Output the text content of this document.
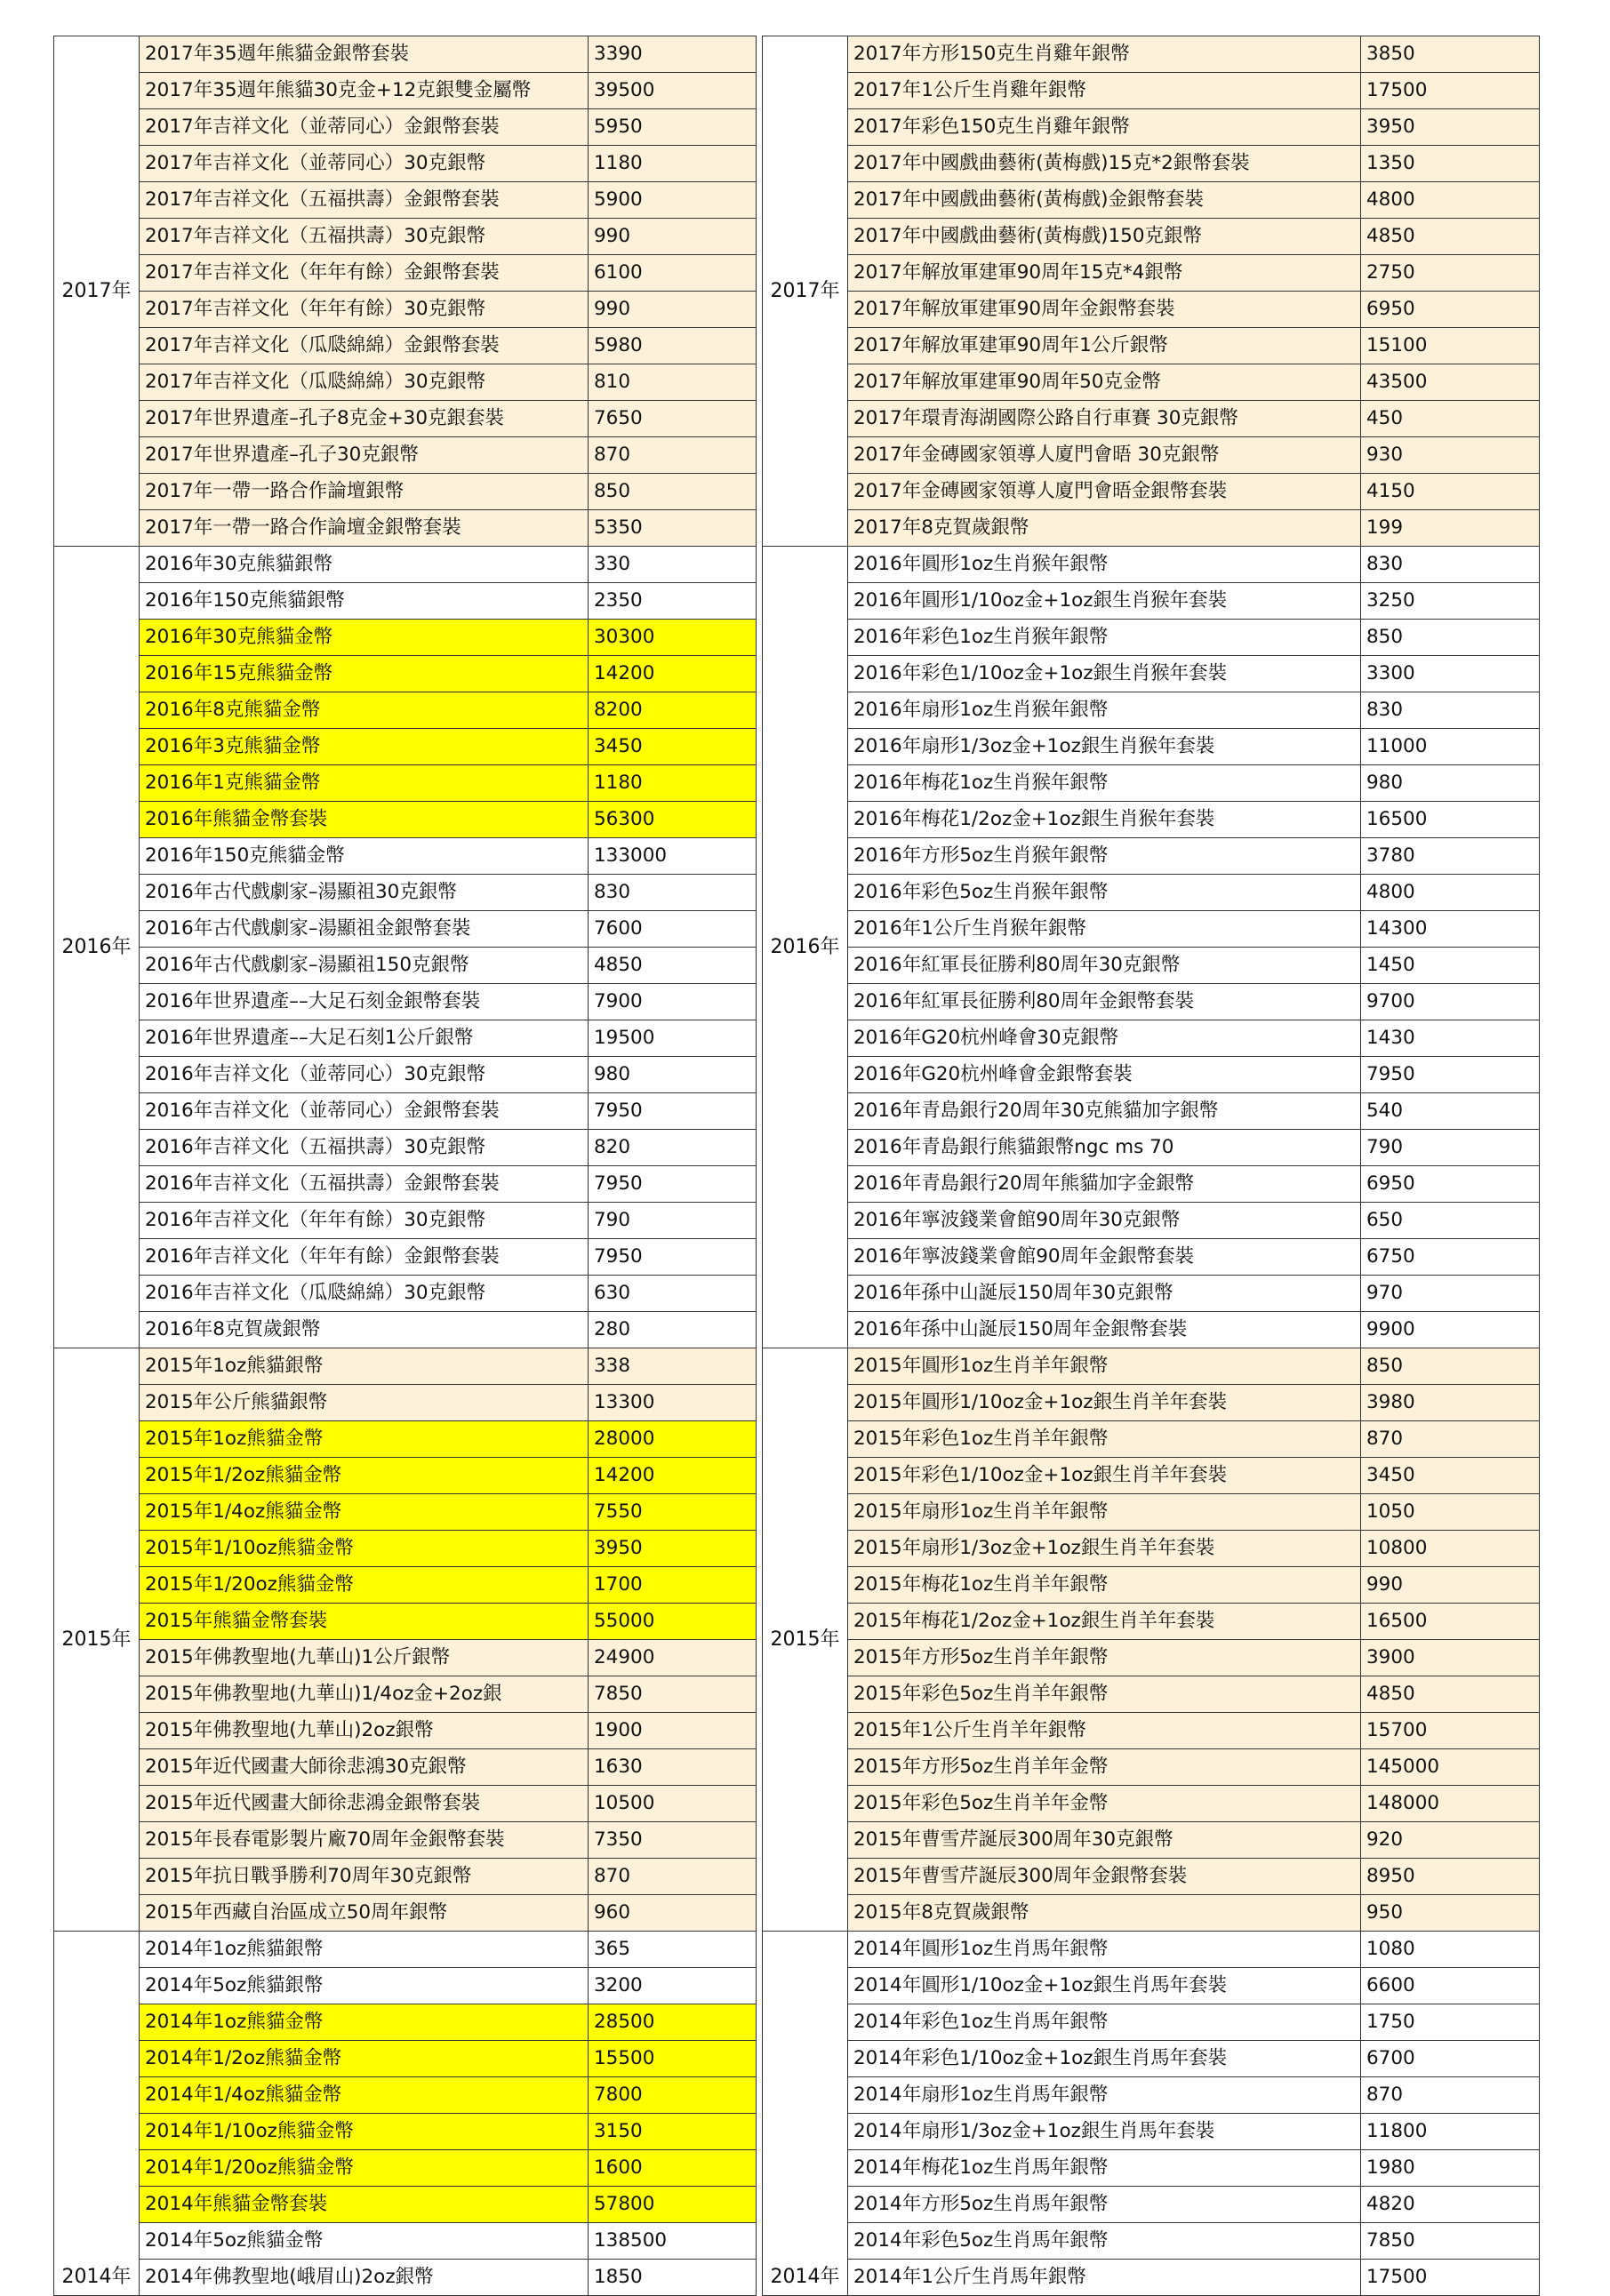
2017年	2017年35週年熊貓金銀幣套裝	3390
	2017年35週年熊貓30克金+12克銀雙金屬幣	39500
	2017年吉祥文化（並蒂同心）金銀幣套裝	5950
	2017年吉祥文化（並蒂同心）30克銀幣	1180
	2017年吉祥文化（五福拱壽）金銀幣套裝	5900
	2017年吉祥文化（五福拱壽）30克銀幣	990
	2017年吉祥文化（年年有餘）金銀幣套裝	6100
	2017年吉祥文化（年年有餘）30克銀幣	990
	2017年吉祥文化（瓜瓞綿綿）金銀幣套裝	5980
	2017年吉祥文化（瓜瓞綿綿）30克銀幣	810
	2017年世界遺產–孔子8克金+30克銀套裝	7650
	2017年世界遺產–孔子30克銀幣	870
	2017年一帶一路合作論壇銀幣	850
	2017年一帶一路合作論壇金銀幣套裝	5350
2016年	2016年30克熊貓銀幣	330
	2016年150克熊貓銀幣	2350
	2016年30克熊貓金幣	30300
	2016年15克熊貓金幣	14200
	2016年8克熊貓金幣	8200
	2016年3克熊貓金幣	3450
	2016年1克熊貓金幣	1180
	2016年熊貓金幣套裝	56300
	2016年150克熊貓金幣	133000
	2016年古代戲劇家–湯顯祖30克銀幣	830
	2016年古代戲劇家–湯顯祖金銀幣套裝	7600
	2016年古代戲劇家–湯顯祖150克銀幣	4850
	2016年世界遺產––大足石刻金銀幣套裝	7900
	2016年世界遺產––大足石刻1公斤銀幣	19500
	2016年吉祥文化（並蒂同心）30克銀幣	980
	2016年吉祥文化（並蒂同心）金銀幣套裝	7950
	2016年吉祥文化（五福拱壽）30克銀幣	820
	2016年吉祥文化（五福拱壽）金銀幣套裝	7950
	2016年吉祥文化（年年有餘）30克銀幣	790
	2016年吉祥文化（年年有餘）金銀幣套裝	7950
	2016年吉祥文化（瓜瓞綿綿）30克銀幣	630
	2016年8克賀歲銀幣	280
2015年	2015年1oz熊貓銀幣	338
	2015年公斤熊貓銀幣	13300
	2015年1oz熊貓金幣	28000
	2015年1/2oz熊貓金幣	14200
	2015年1/4oz熊貓金幣	7550
	2015年1/10oz熊貓金幣	3950
	2015年1/20oz熊貓金幣	1700
	2015年熊貓金幣套裝	55000
	2015年佛教聖地(九華山)1公斤銀幣	24900
	2015年佛教聖地(九華山)1/4oz金+2oz銀	7850
	2015年佛教聖地(九華山)2oz銀幣	1900
	2015年近代國畫大師徐悲鴻30克銀幣	1630
	2015年近代國畫大師徐悲鴻金銀幣套裝	10500
	2015年長春電影製片廠70周年金銀幣套裝	7350
	2015年抗日戰爭勝利70周年30克銀幣	870
	2015年西藏自治區成立50周年銀幣	960
2014年	2014年1oz熊貓銀幣	365
	2014年5oz熊貓銀幣	3200
	2014年1oz熊貓金幣	28500
	2014年1/2oz熊貓金幣	15500
	2014年1/4oz熊貓金幣	7800
	2014年1/10oz熊貓金幣	3150
	2014年1/20oz熊貓金幣	1600
	2014年熊貓金幣套裝	57800
	2014年5oz熊貓金幣	138500
	2014年佛教聖地(峨眉山)2oz銀幣	1850
2017年	2017年方形150克生肖雞年銀幣	3850
	2017年1公斤生肖雞年銀幣	17500
	2017年彩色150克生肖雞年銀幣	3950
	2017年中國戲曲藝術(黃梅戲)15克*2銀幣套裝	1350
	2017年中國戲曲藝術(黃梅戲)金銀幣套裝	4800
	2017年中國戲曲藝術(黃梅戲)150克銀幣	4850
	2017年解放軍建軍90周年15克*4銀幣	2750
	2017年解放軍建軍90周年金銀幣套裝	6950
	2017年解放軍建軍90周年1公斤銀幣	15100
	2017年解放軍建軍90周年50克金幣	43500
	2017年環青海湖國際公路自行車賽 30克銀幣	450
	2017年金磚國家領導人廈門會晤 30克銀幣	930
	2017年金磚國家領導人廈門會晤金銀幣套裝	4150
	2017年8克賀歲銀幣	199
2016年	2016年圓形1oz生肖猴年銀幣	830
	2016年圓形1/10oz金+1oz銀生肖猴年套裝	3250
	2016年彩色1oz生肖猴年銀幣	850
	2016年彩色1/10oz金+1oz銀生肖猴年套裝	3300
	2016年扇形1oz生肖猴年銀幣	830
	2016年扇形1/3oz金+1oz銀生肖猴年套裝	11000
	2016年梅花1oz生肖猴年銀幣	980
	2016年梅花1/2oz金+1oz銀生肖猴年套裝	16500
	2016年方形5oz生肖猴年銀幣	3780
	2016年彩色5oz生肖猴年銀幣	4800
	2016年1公斤生肖猴年銀幣	14300
	2016年紅軍長征勝利80周年30克銀幣	1450
	2016年紅軍長征勝利80周年金銀幣套裝	9700
	2016年G20杭州峰會30克銀幣	1430
	2016年G20杭州峰會金銀幣套裝	7950
	2016年青島銀行20周年30克熊貓加字銀幣	540
	2016年青島銀行熊貓銀幣ngc ms 70	790
	2016年青島銀行20周年熊貓加字金銀幣	6950
	2016年寧波錢業會館90周年30克銀幣	650
	2016年寧波錢業會館90周年金銀幣套裝	6750
	2016年孫中山誕辰150周年30克銀幣	970
	2016年孫中山誕辰150周年金銀幣套裝	9900
2015年	2015年圓形1oz生肖羊年銀幣	850
	2015年圓形1/10oz金+1oz銀生肖羊年套裝	3980
	2015年彩色1oz生肖羊年銀幣	870
	2015年彩色1/10oz金+1oz銀生肖羊年套裝	3450
	2015年扇形1oz生肖羊年銀幣	1050
	2015年扇形1/3oz金+1oz銀生肖羊年套裝	10800
	2015年梅花1oz生肖羊年銀幣	990
	2015年梅花1/2oz金+1oz銀生肖羊年套裝	16500
	2015年方形5oz生肖羊年銀幣	3900
	2015年彩色5oz生肖羊年銀幣	4850
	2015年1公斤生肖羊年銀幣	15700
	2015年方形5oz生肖羊年金幣	145000
	2015年彩色5oz生肖羊年金幣	148000
	2015年曹雪芹誕辰300周年30克銀幣	920
	2015年曹雪芹誕辰300周年金銀幣套裝	8950
	2015年8克賀歲銀幣	950
2014年	2014年圓形1oz生肖馬年銀幣	1080
	2014年圓形1/10oz金+1oz銀生肖馬年套裝	6600
	2014年彩色1oz生肖馬年銀幣	1750
	2014年彩色1/10oz金+1oz銀生肖馬年套裝	6700
	2014年扇形1oz生肖馬年銀幣	870
	2014年扇形1/3oz金+1oz銀生肖馬年套裝	11800
	2014年梅花1oz生肖馬年銀幣	1980
	2014年方形5oz生肖馬年銀幣	4820
	2014年彩色5oz生肖馬年銀幣	7850
	2014年1公斤生肖馬年銀幣	17500
